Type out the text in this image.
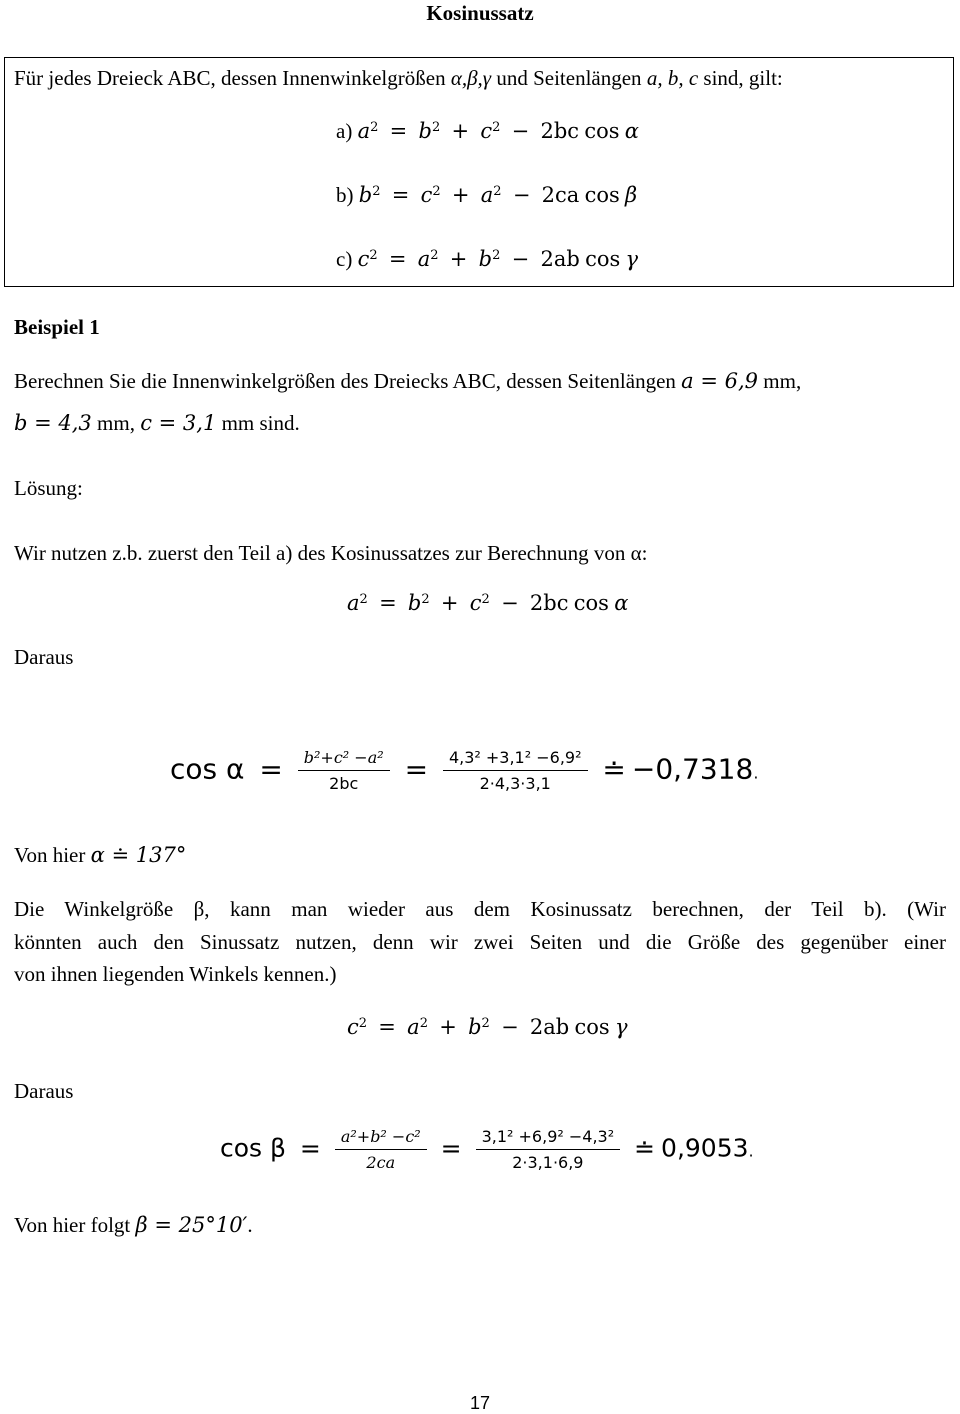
Kosinussatz
Für jedes Dreieck ABC, dessen Innenwinkelgrößen α,β,γ und Seitenlängen a, b, c sind, gilt:
a) $a^2 = b^2 + c^2 - 2bc$ cos α
b) $b^2 = c^2 + a^2 - 2ca$ cos β
c) $c^2 = a^2 + b^2 - 2ab$ cos γ
Beispiel 1
Berechnen Sie die Innenwinkelgrößen des Dreiecks ABC, dessen Seitenlängen a = 6,9 mm,
b = 4,3 mm, c = 3,1 mm sind.
Lösung:
Wir nutzen z.b. zuerst den Teil a) des Kosinussatzes zur Berechnung von α:
$a^2 = b^2 + c^2 - 2bc$ cos α
Daraus
$\cos \alpha = \frac{\text{b²+c² −a²}}{2bc} = \frac{\text{4,3² +3,1² −6,9²}}{2\cdot 4,3\cdot 3,1}$ ≐ −0,7318.
Von hier α ≐ 137°
Die Winkelgröße β, kann man wieder aus dem Kosinussatz berechnen, der Teil b). (Wir
könnten auch den Sinussatz nutzen, denn wir zwei Seiten und die Größe des gegenüber einer
von ihnen liegenden Winkels kennen.)
$c^2 = a^2 + b^2 - 2ab$ cos γ
Daraus
$\cos \beta = \frac{\text{a²+b² −c²}}{2ca} = \frac{\text{3,1² +6,9² −4,3²}}{2\cdot 3,1\cdot 6,9}$ ≐ 0,9053.
Von hier folgt β = 25°10′.
17
